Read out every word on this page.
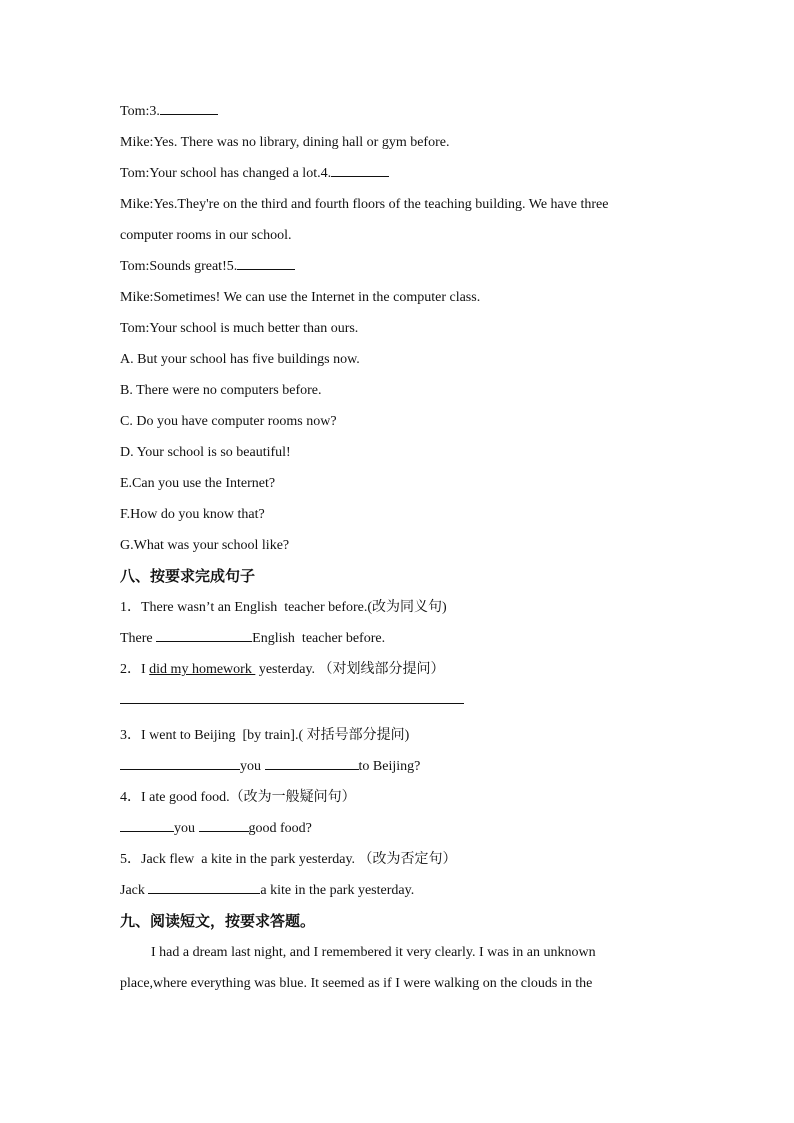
Tom:3.
Mike:Yes. There was no library, dining hall or gym before.
Tom:Your school has changed a lot.4.
Mike:Yes.They're on the third and fourth floors of the teaching building. We have three
computer rooms in our school.
Tom:Sounds great!5.
Mike:Sometimes! We can use the Internet in the computer class.
Tom:Your school is much better than ours.
A. But your school has five buildings now.
B. There were no computers before.
C. Do you have computer rooms now?
D. Your school is so beautiful!
E.Can you use the Internet?
F.How do you know that?
G.What was your school like?
八、按要求完成句子
1．There wasn’t an English  teacher before.(改为同义句)
There	English  teacher before.
2．I did my homework  yesterday. （对划线部分提问）
3．I went to Beijing  [by train].( 对括号部分提问)
you	to Beijing?
4．I ate good food.（改为一般疑问句）
you	good food?
5．Jack flew  a kite in the park yesterday. （改为否定句）
Jack	a kite in the park yesterday.
九、阅读短文，按要求答题。
I had a dream last night, and I remembered it very clearly. I was in an unknown
place,where everything was blue. It seemed as if I were walking on the clouds in the
